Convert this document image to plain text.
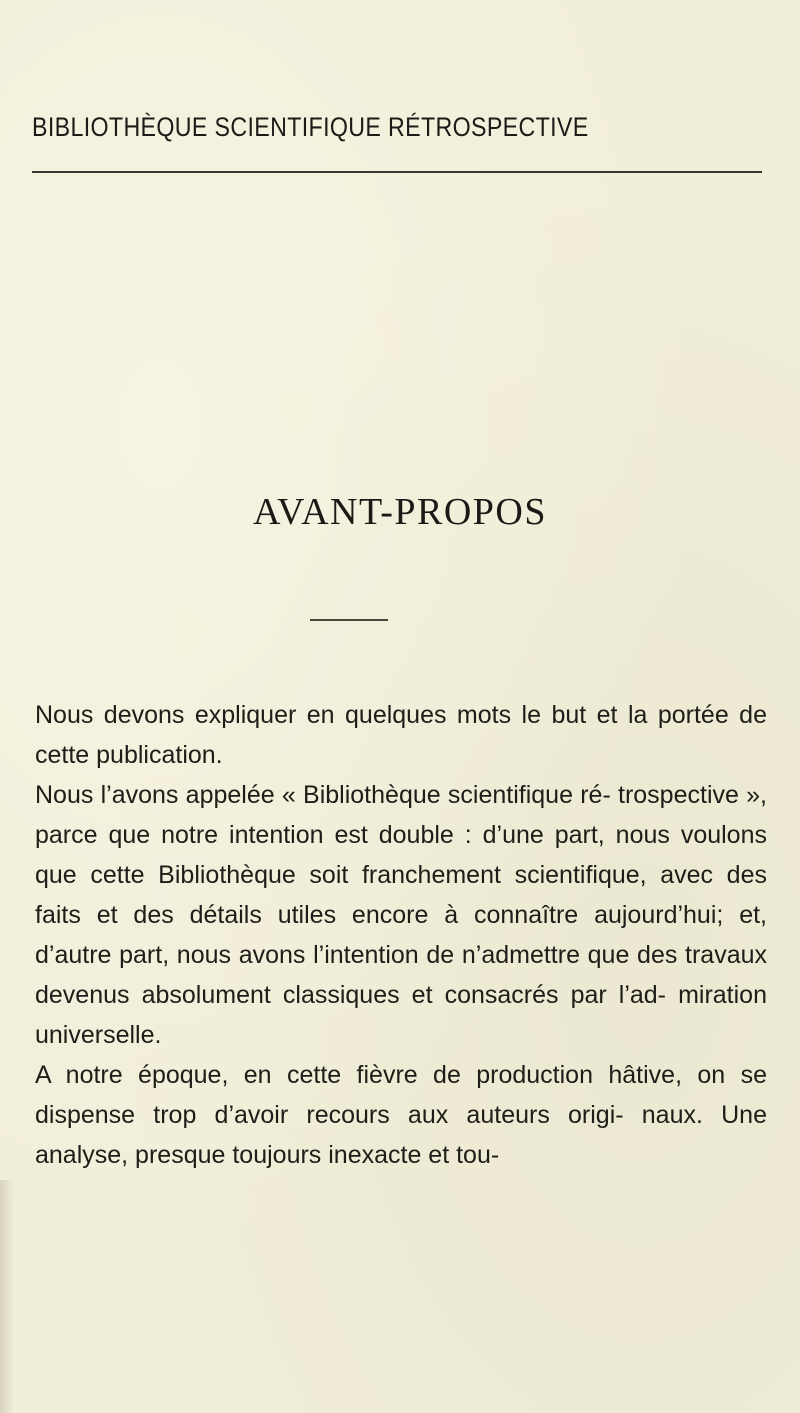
BIBLIOTHÈQUE SCIENTIFIQUE RÉTROSPECTIVE
AVANT-PROPOS

Nous devons expliquer en quelques mots le but et la portée de cette publication.

Nous l’avons appelée « Bibliothèque scientifique ré- trospective », parce que notre intention est double : d’une part, nous voulons que cette Bibliothèque soit franchement scientifique, avec des faits et des détails utiles encore à connaître aujourd’hui; et, d’autre part, nous avons l’intention de n’admettre que des travaux devenus absolument classiques et consacrés par l’ad- miration universelle.

A notre époque, en cette fièvre de production hâtive, on se dispense trop d’avoir recours aux auteurs origi- naux. Une analyse, presque toujours inexacte et tou-
